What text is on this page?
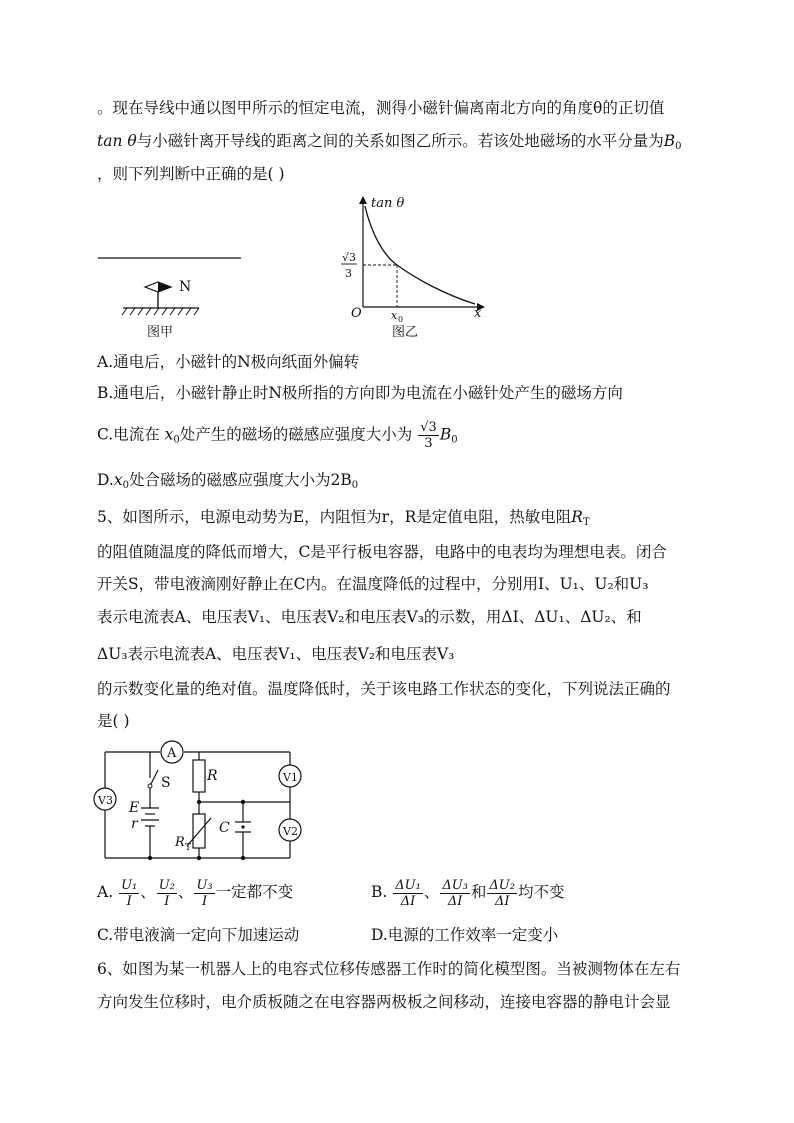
。现在导线中通以图甲所示的恒定电流，测得小磁针偏离南北方向的角度θ的正切值
tan θ与小磁针离开导线的距离之间的关系如图乙所示。若该处地磁场的水平分量为$B_0$
，则下列判断中正确的是( )
N
图甲
tan θ
√3
3
O	x 0	x
图乙
A.通电后，小磁针的N极向纸面外偏转
B.通电后，小磁针静止时N极所指的方向即为电流在小磁针处产生的磁场方向
C.电流在 $x_0$处产生的磁场的磁感应强度大小为 $\frac{√3}{3} B_0$
$D.x_0$处合磁场的磁感应强度大小为$2B_0$
5、如图所示，电源电动势为E，内阻恒为r，R是定值电阻，热敏电阻$R_T$
的阻值随温度的降低而增大，C是平行板电容器，电路中的电表均为理想电表。闭合
开关S，带电液滴刚好静止在C内。在温度降低的过程中，分别用I、U₁、U₂和U₃
表示电流表A、电压表V₁、电压表V₂和电压表V₃的示数，用ΔI、ΔU₁、ΔU₂、和
ΔU₃表示电流表A、电压表V₁、电压表V₂和电压表V₃
的示数变化量的绝对值。温度降低时，关于该电路工作状态的变化，下列说法正确的
是( )
A
V3
V1
V2
S	R
E
r	C
R T
A. $\frac{\text{U₁}}{I}$ 、 $\frac{\text{U₂}}{I}$ 、 $\frac{\text{U₃}}{I}$ 一定都不变	B. $\frac{\text{ΔU₁}}{\Delta I}$ 、 $\frac{\text{ΔU₃}}{\Delta I}$ 和 $\frac{\text{ΔU₂}}{\Delta I}$ 均不变
C.带电液滴一定向下加速运动	D.电源的工作效率一定变小
6、如图为某一机器人上的电容式位移传感器工作时的简化模型图。当被测物体在左右
方向发生位移时，电介质板随之在电容器两极板之间移动，连接电容器的静电计会显
